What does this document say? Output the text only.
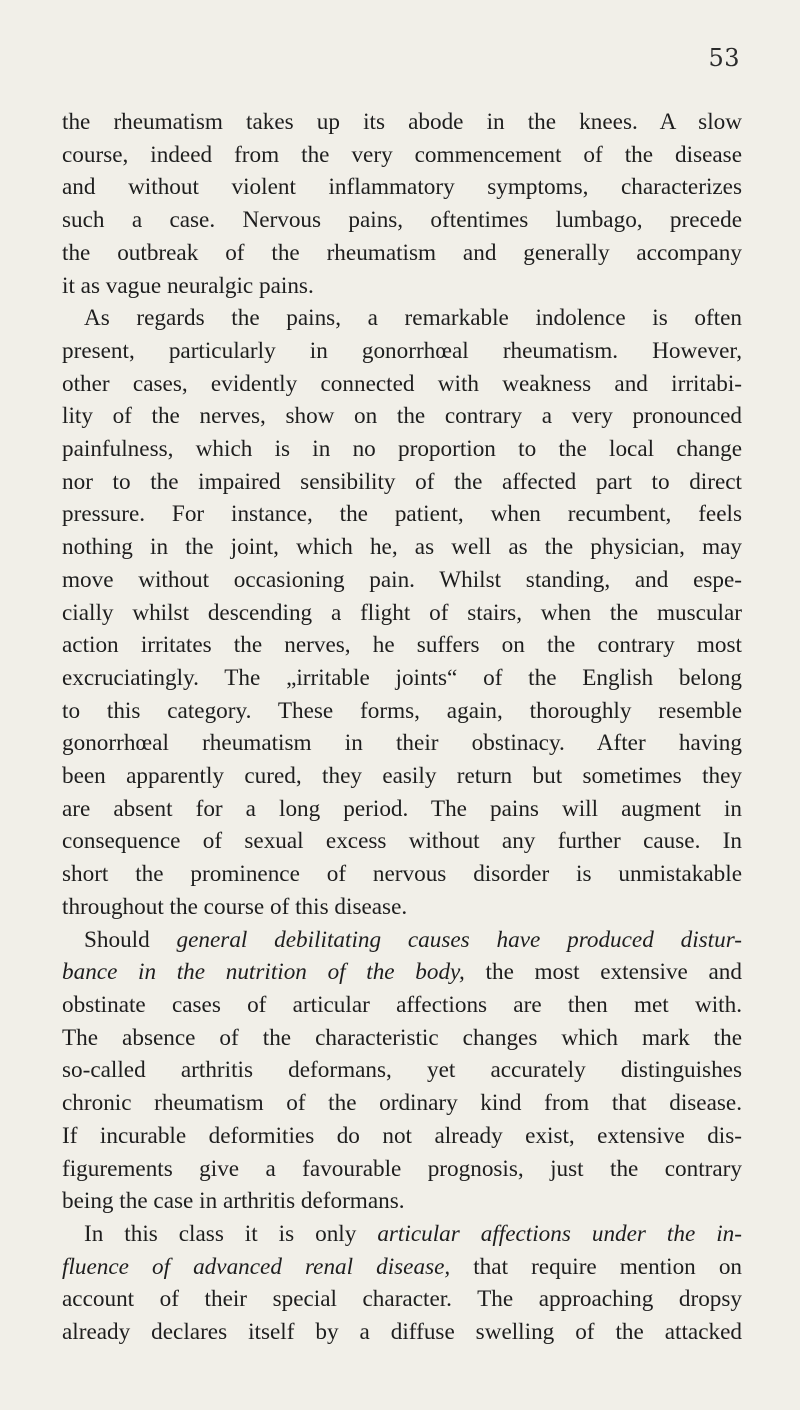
53
the rheumatism takes up its abode in the knees. A slow
course, indeed from the very commencement of the disease
and without violent inflammatory symptoms, characterizes
such a case. Nervous pains, oftentimes lumbago, precede
the outbreak of the rheumatism and generally accompany
it as vague neuralgic pains.
As regards the pains, a remarkable indolence is often
present, particularly in gonorrhœal rheumatism. However,
other cases, evidently connected with weakness and irritabi-
lity of the nerves, show on the contrary a very pronounced
painfulness, which is in no proportion to the local change
nor to the impaired sensibility of the affected part to direct
pressure. For instance, the patient, when recumbent, feels
nothing in the joint, which he, as well as the physician, may
move without occasioning pain. Whilst standing, and espe-
cially whilst descending a flight of stairs, when the muscular
action irritates the nerves, he suffers on the contrary most
excruciatingly. The „irritable joints“ of the English belong
to this category. These forms, again, thoroughly resemble
gonorrhœal rheumatism in their obstinacy. After having
been apparently cured, they easily return but sometimes they
are absent for a long period. The pains will augment in
consequence of sexual excess without any further cause. In
short the prominence of nervous disorder is unmistakable
throughout the course of this disease.
Should general debilitating causes have produced distur-
bance in the nutrition of the body, the most extensive and
obstinate cases of articular affections are then met with.
The absence of the characteristic changes which mark the
so-called arthritis deformans, yet accurately distinguishes
chronic rheumatism of the ordinary kind from that disease.
If incurable deformities do not already exist, extensive dis-
figurements give a favourable prognosis, just the contrary
being the case in arthritis deformans.
In this class it is only articular affections under the in-
fluence of advanced renal disease, that require mention on
account of their special character. The approaching dropsy
already declares itself by a diffuse swelling of the attacked
